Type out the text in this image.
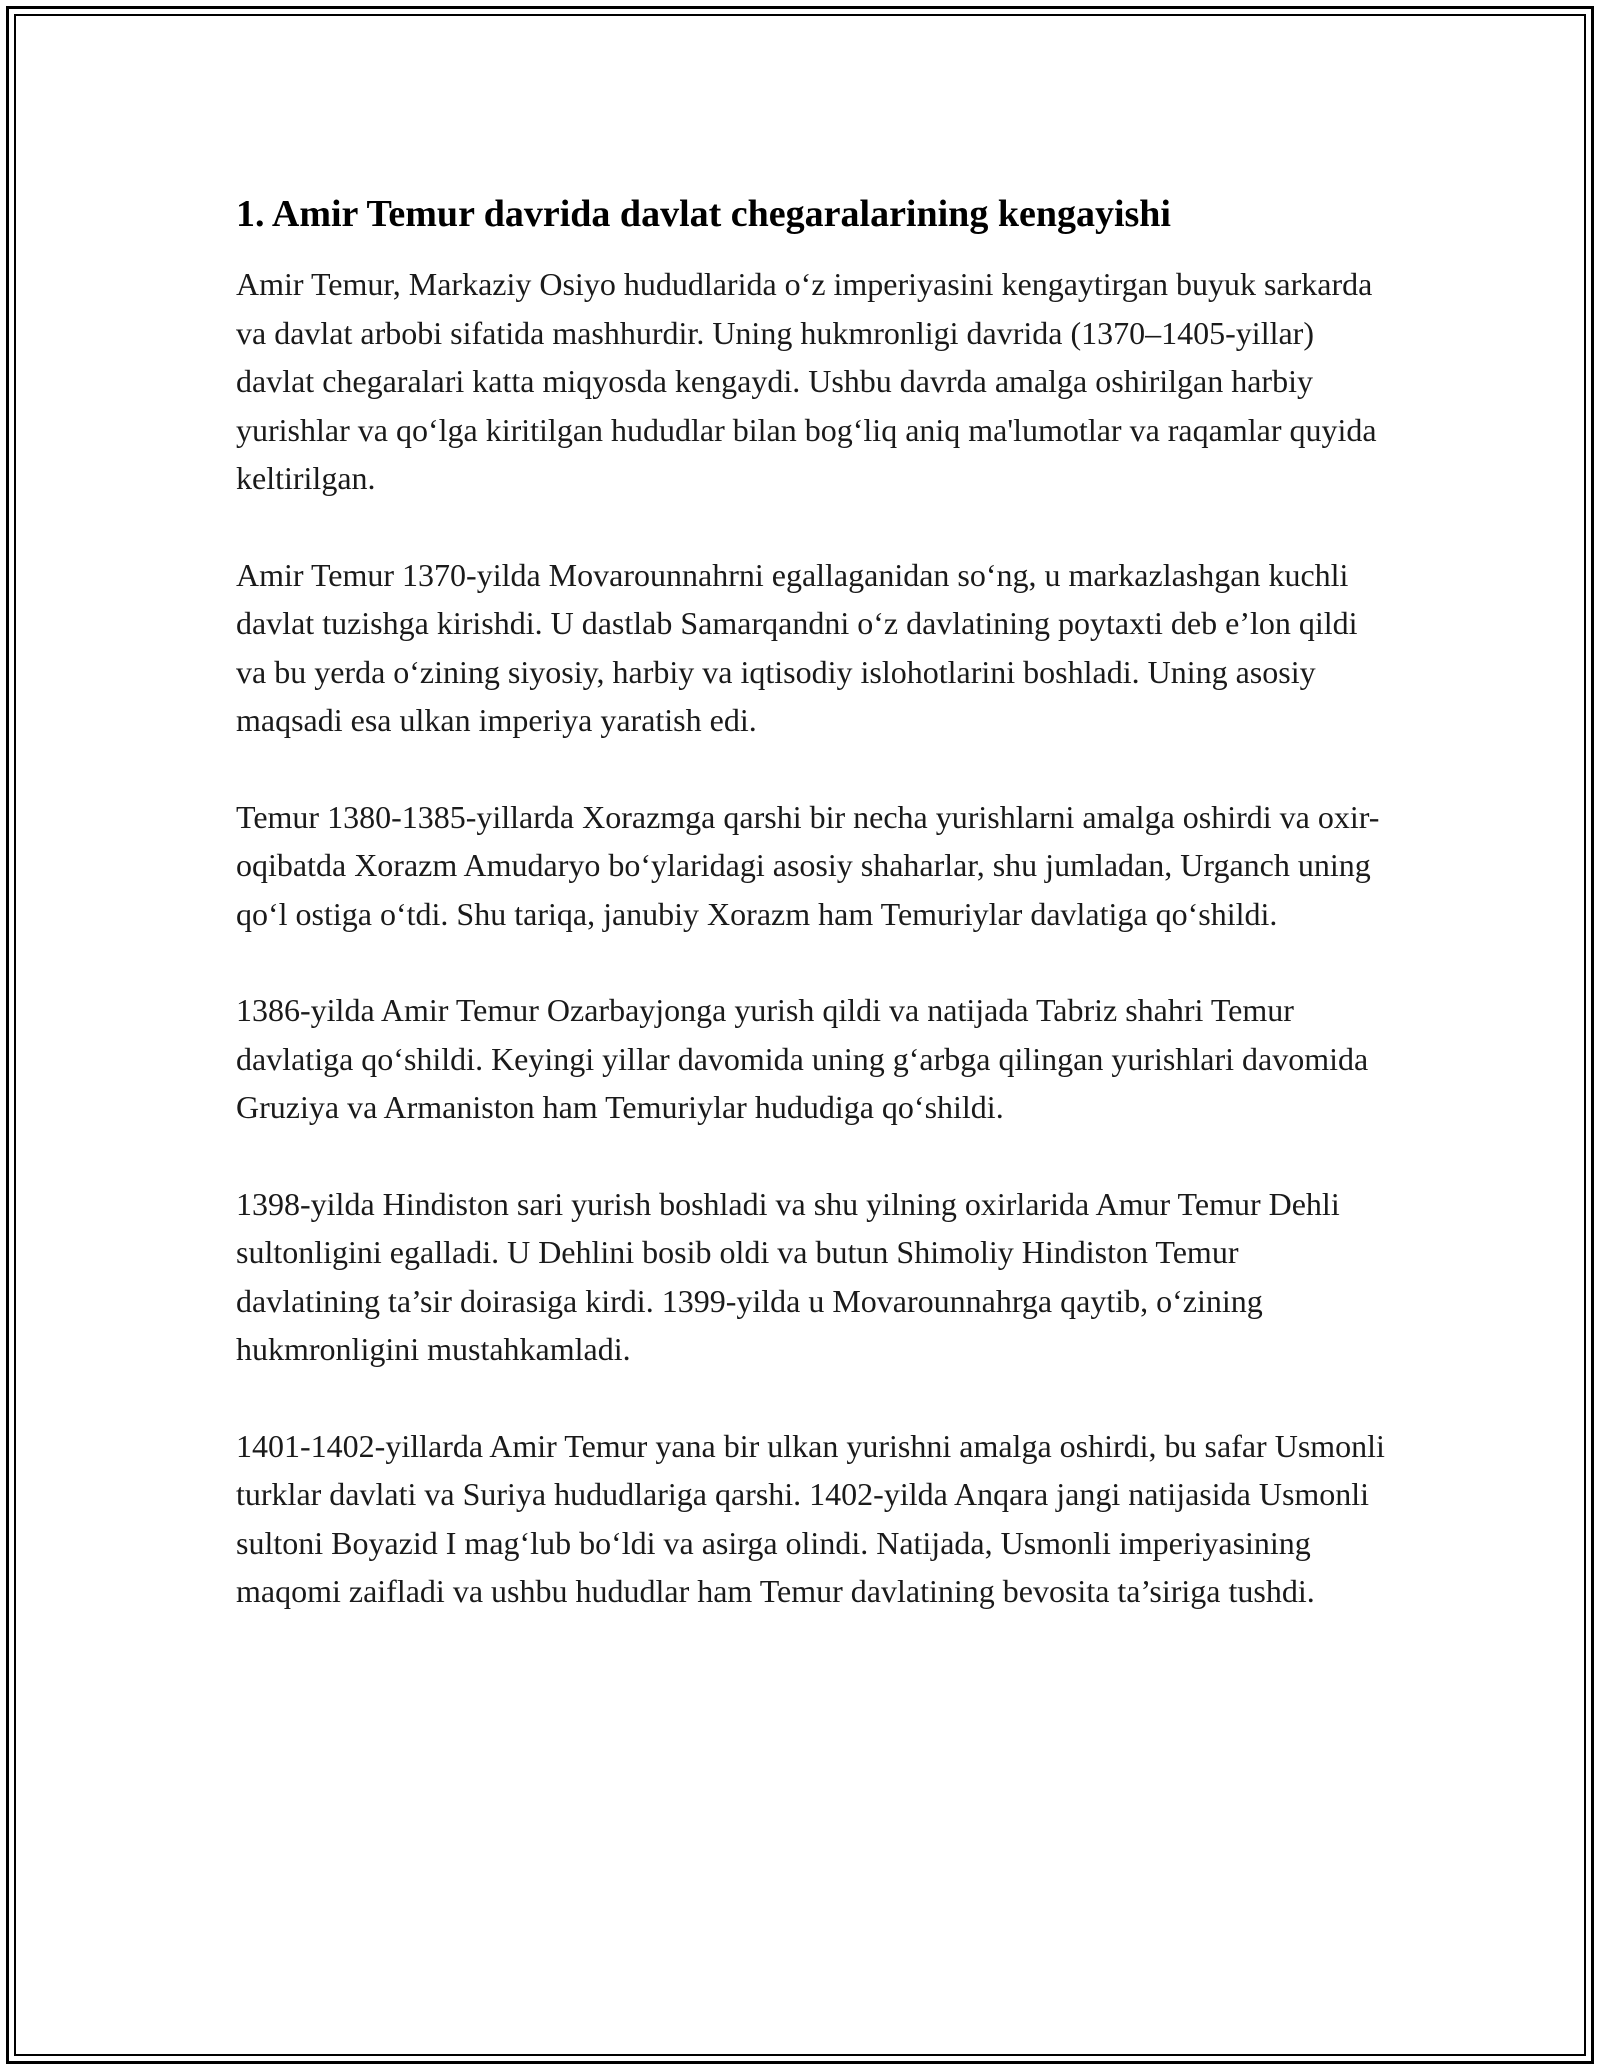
1. Amir Temur davrida davlat chegaralarining kengayishi

Amir Temur, Markaziy Osiyo hududlarida o‘z imperiyasini kengaytirgan buyuk sarkarda va davlat arbobi sifatida mashhurdir. Uning hukmronligi davrida (1370–1405-yillar) davlat chegaralari katta miqyosda kengaydi. Ushbu davrda amalga oshirilgan harbiy yurishlar va qo‘lga kiritilgan hududlar bilan bog‘liq aniq ma'lumotlar va raqamlar quyida keltirilgan.

Amir Temur 1370-yilda Movarounnahrni egallaganidan so‘ng, u markazlashgan kuchli davlat tuzishga kirishdi. U dastlab Samarqandni o‘z davlatining poytaxti deb e’lon qildi va bu yerda o‘zining siyosiy, harbiy va iqtisodiy islohotlarini boshladi. Uning asosiy maqsadi esa ulkan imperiya yaratish edi.

Temur 1380-1385-yillarda Xorazmga qarshi bir necha yurishlarni amalga oshirdi va oxir-oqibatda Xorazm Amudaryo bo‘ylaridagi asosiy shaharlar, shu jumladan, Urganch uning qo‘l ostiga o‘tdi. Shu tariqa, janubiy Xorazm ham Temuriylar davlatiga qo‘shildi.

1386-yilda Amir Temur Ozarbayjonga yurish qildi va natijada Tabriz shahri Temur davlatiga qo‘shildi. Keyingi yillar davomida uning g‘arbga qilingan yurishlari davomida Gruziya va Armaniston ham Temuriylar hududiga qo‘shildi.

1398-yilda Hindiston sari yurish boshladi va shu yilning oxirlarida Amur Temur Dehli sultonligini egalladi. U Dehlini bosib oldi va butun Shimoliy Hindiston Temur davlatining ta’sir doirasiga kirdi. 1399-yilda u Movarounnahrga qaytib, o‘zining hukmronligini mustahkamladi.

1401-1402-yillarda Amir Temur yana bir ulkan yurishni amalga oshirdi, bu safar Usmonli turklar davlati va Suriya hududlariga qarshi. 1402-yilda Anqara jangi natijasida Usmonli sultoni Boyazid I mag‘lub bo‘ldi va asirga olindi. Natijada, Usmonli imperiyasining maqomi zaifladi va ushbu hududlar ham Temur davlatining bevosita ta’siriga tushdi.
